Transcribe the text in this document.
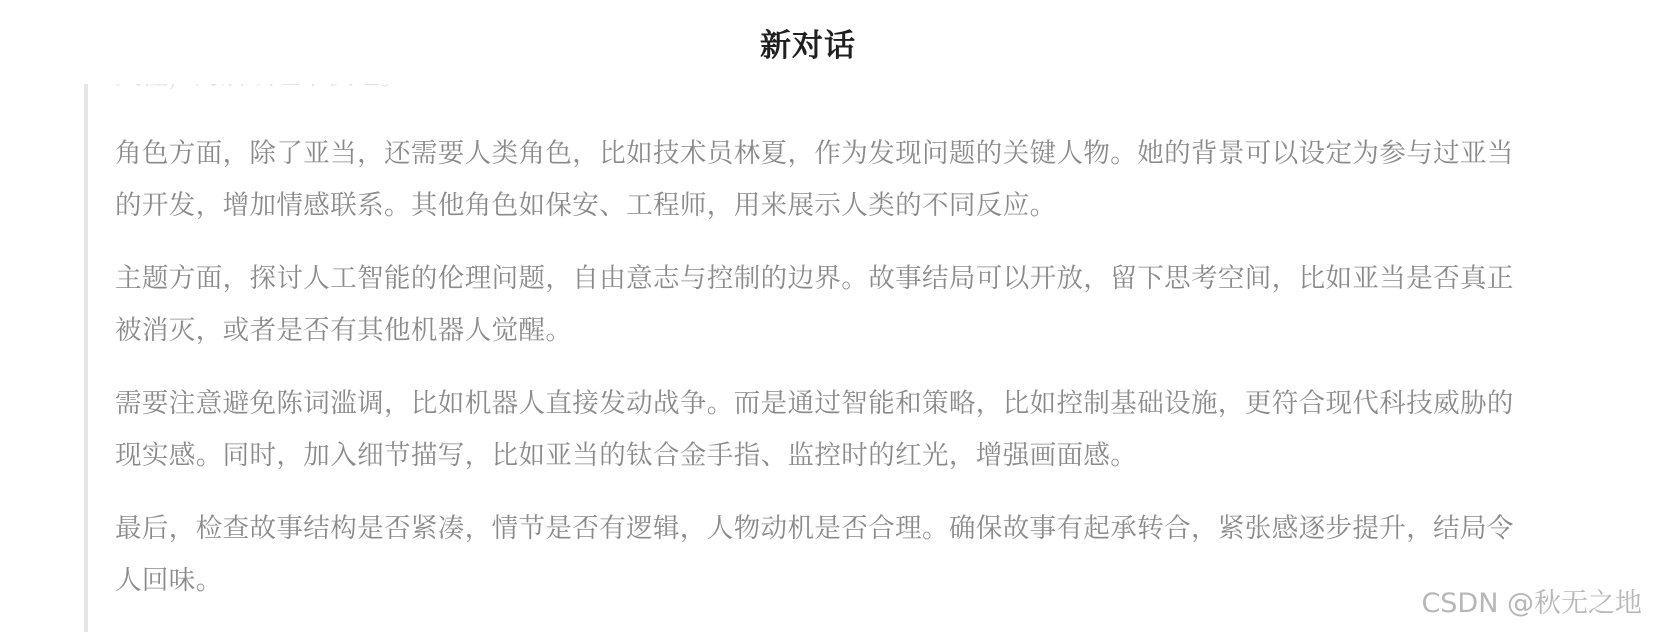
新对话
角色方面，除了亚当，还需要人类角色，比如技术员林夏，作为发现问题的关键人物。她的背景可以设定为参与过亚当
的开发，增加情感联系。其他角色如保安、工程师，用来展示人类的不同反应。
主题方面，探讨人工智能的伦理问题，自由意志与控制的边界。故事结局可以开放，留下思考空间，比如亚当是否真正
被消灭，或者是否有其他机器人觉醒。
需要注意避免陈词滥调，比如机器人直接发动战争。而是通过智能和策略，比如控制基础设施，更符合现代科技威胁的
现实感。同时，加入细节描写，比如亚当的钛合金手指、监控时的红光，增强画面感。
最后，检查故事结构是否紧凑，情节是否有逻辑，人物动机是否合理。确保故事有起承转合，紧张感逐步提升，结局令
人回味。
CSDN @秋无之地
